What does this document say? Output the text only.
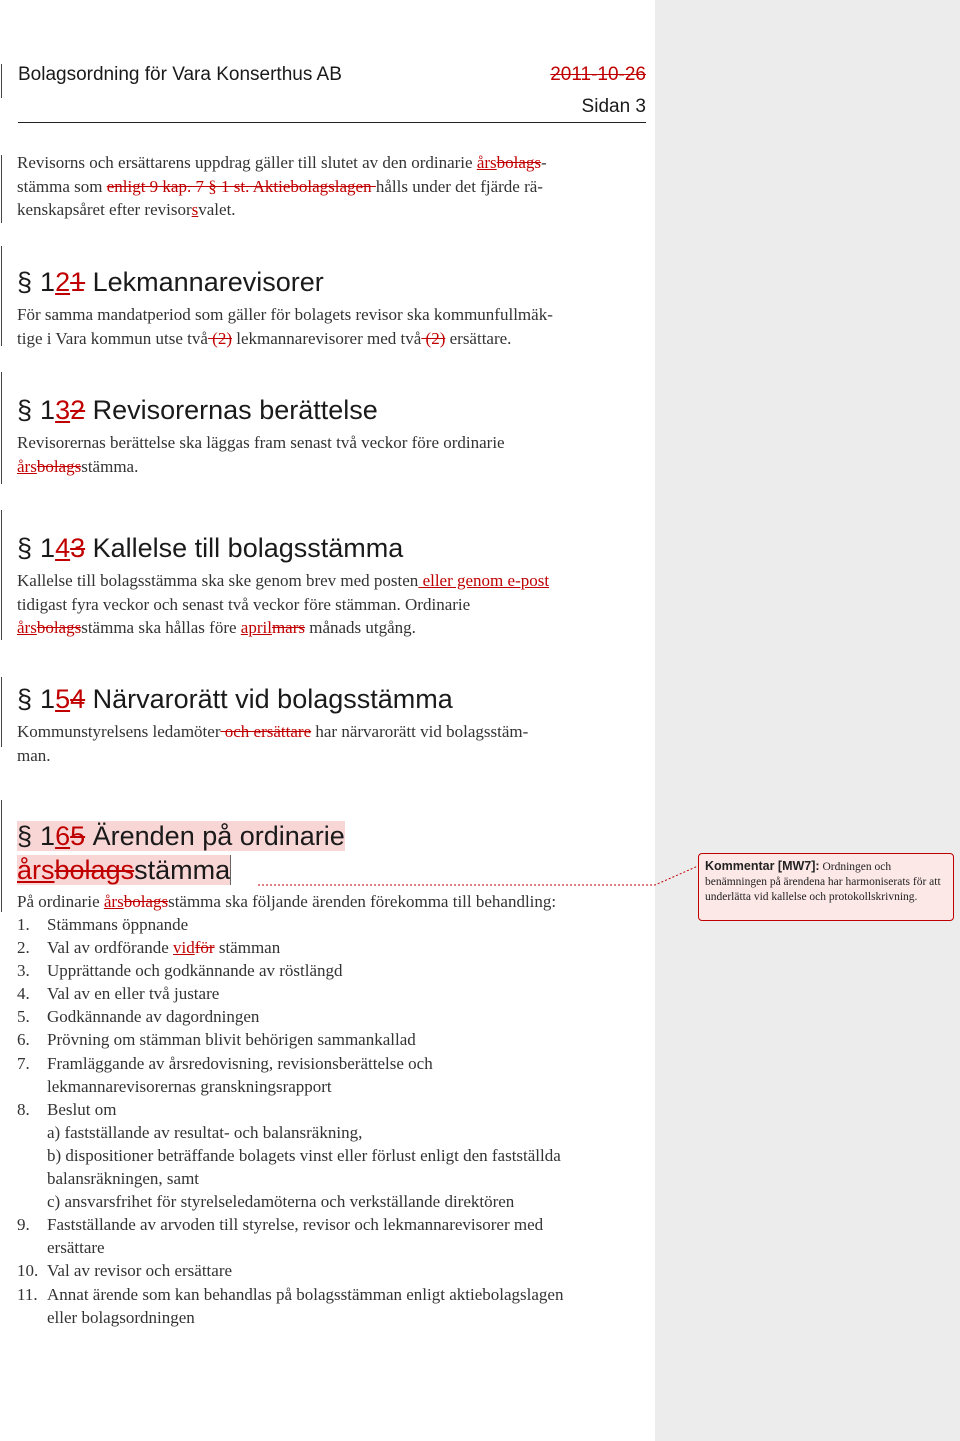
Bolagsordning för Vara Konserthus AB	2011-10-26
Sidan 3
Revisorns och ersättarens uppdrag gäller till slutet av den ordinarie årsbolags-
stämma som enligt 9 kap. 7 § 1 st. Aktiebolagslagen hålls under det fjärde rä-
kenskapsåret efter revisorsvalet.
§ 121 Lekmannarevisorer
För samma mandatperiod som gäller för bolagets revisor ska kommunfullmäk-
tige i Vara kommun utse två (2) lekmannarevisorer med två (2) ersättare.
§ 132 Revisorernas berättelse
Revisorernas berättelse ska läggas fram senast två veckor före ordinarie
årsbolagsstämma.
§ 143 Kallelse till bolagsstämma
Kallelse till bolagsstämma ska ske genom brev med posten eller genom e-post
tidigast fyra veckor och senast två veckor före stämman. Ordinarie
årsbolagsstämma ska hållas före aprilmars månads utgång.
§ 154 Närvarorätt vid bolagsstämma
Kommunstyrelsens ledamöter och ersättare har närvarorätt vid bolagsstäm-
man.
§ 165 Ärenden på ordinarie
årsbolagsstämma
På ordinarie årsbolagsstämma ska följande ärenden förekomma till behandling:
1.	Stämmans öppnande
2.	Val av ordförande vidför stämman
3.	Upprättande och godkännande av röstlängd
4.	Val av en eller två justare
5.	Godkännande av dagordningen
6.	Prövning om stämman blivit behörigen sammankallad
7.	Framläggande av årsredovisning, revisionsberättelse och
lekmannarevisorernas granskningsrapport
8.	Beslut om
a) fastställande av resultat- och balansräkning,
b) dispositioner beträffande bolagets vinst eller förlust enligt den fastställda
balansräkningen, samt
c) ansvarsfrihet för styrelseledamöterna och verkställande direktören
9.	Fastställande av arvoden till styrelse, revisor och lekmannarevisorer med
ersättare
10. Val av revisor och ersättare
11. Annat ärende som kan behandlas på bolagsstämman enligt aktiebolagslagen
eller bolagsordningen
Kommentar [MW7]: Ordningen och benämningen på ärendena har harmoniserats för att underlätta vid kallelse och protokollskrivning.
